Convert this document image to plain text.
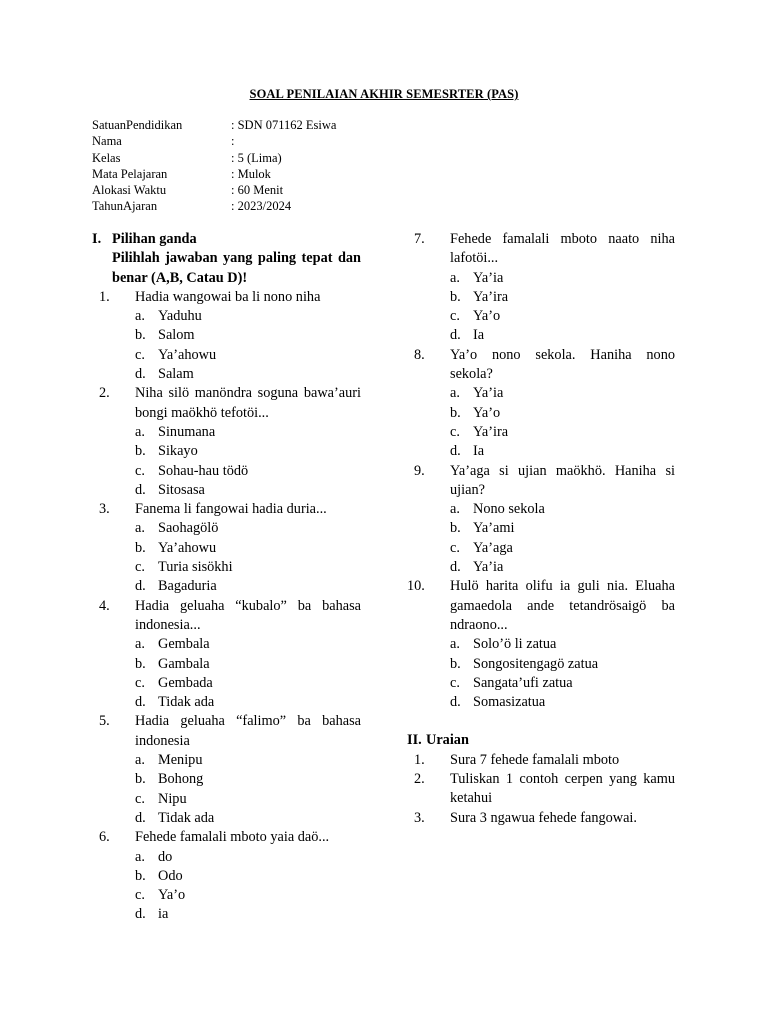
SOAL PENILAIAN AKHIR SEMESRTER (PAS)
SatuanPendidikan	: SDN 071162 Esiwa
Nama	:
Kelas	: 5 (Lima)
Mata Pelajaran	: Mulok
Alokasi Waktu	: 60 Menit
TahunAjaran	: 2023/2024
I. Pilihan ganda
Pilihlah jawaban yang paling tepat dan benar (A,B, Catau D)!
1.	Hadia wangowai ba li nono niha
a. Yaduhu
b. Salom
c. Ya’ahowu
d. Salam
2.	Niha silö manöndra soguna bawa’auri bongi maökhö tefotöi...
a. Sinumana
b. Sikayo
c. Sohau-hau tödö
d. Sitosasa
3.	Fanema li fangowai hadia duria...
a. Saohagölö
b. Ya’ahowu
c. Turia sisökhi
d. Bagaduria
4.	Hadia geluaha “kubalo” ba bahasa indonesia...
a. Gembala
b. Gambala
c. Gembada
d. Tidak ada
5.	Hadia geluaha “falimo” ba bahasa indonesia
a. Menipu
b. Bohong
c. Nipu
d. Tidak ada
6.	Fehede famalali mboto yaia daö...
a. do
b. Odo
c. Ya’o
d. ia
7.	Fehede famalali mboto naato niha lafotöi...
a. Ya’ia
b. Ya’ira
c. Ya’o
d. Ia
8.	Ya’o nono sekola. Haniha nono sekola?
a. Ya’ia
b. Ya’o
c. Ya’ira
d. Ia
9.	Ya’aga si ujian maökhö. Haniha si ujian?
a. Nono sekola
b. Ya’ami
c. Ya’aga
d. Ya’ia
10.	Hulö harita olifu ia guli nia. Eluaha gamaedola ande tetandrösaigö ba ndraono...
a. Solo’ö li zatua
b. Songositengagö zatua
c. Sangata’ufi zatua
d. Somasizatua
II. Uraian
1.	Sura 7 fehede famalali mboto
2.	Tuliskan 1 contoh cerpen yang kamu ketahui
3.	Sura 3 ngawua fehede fangowai.
